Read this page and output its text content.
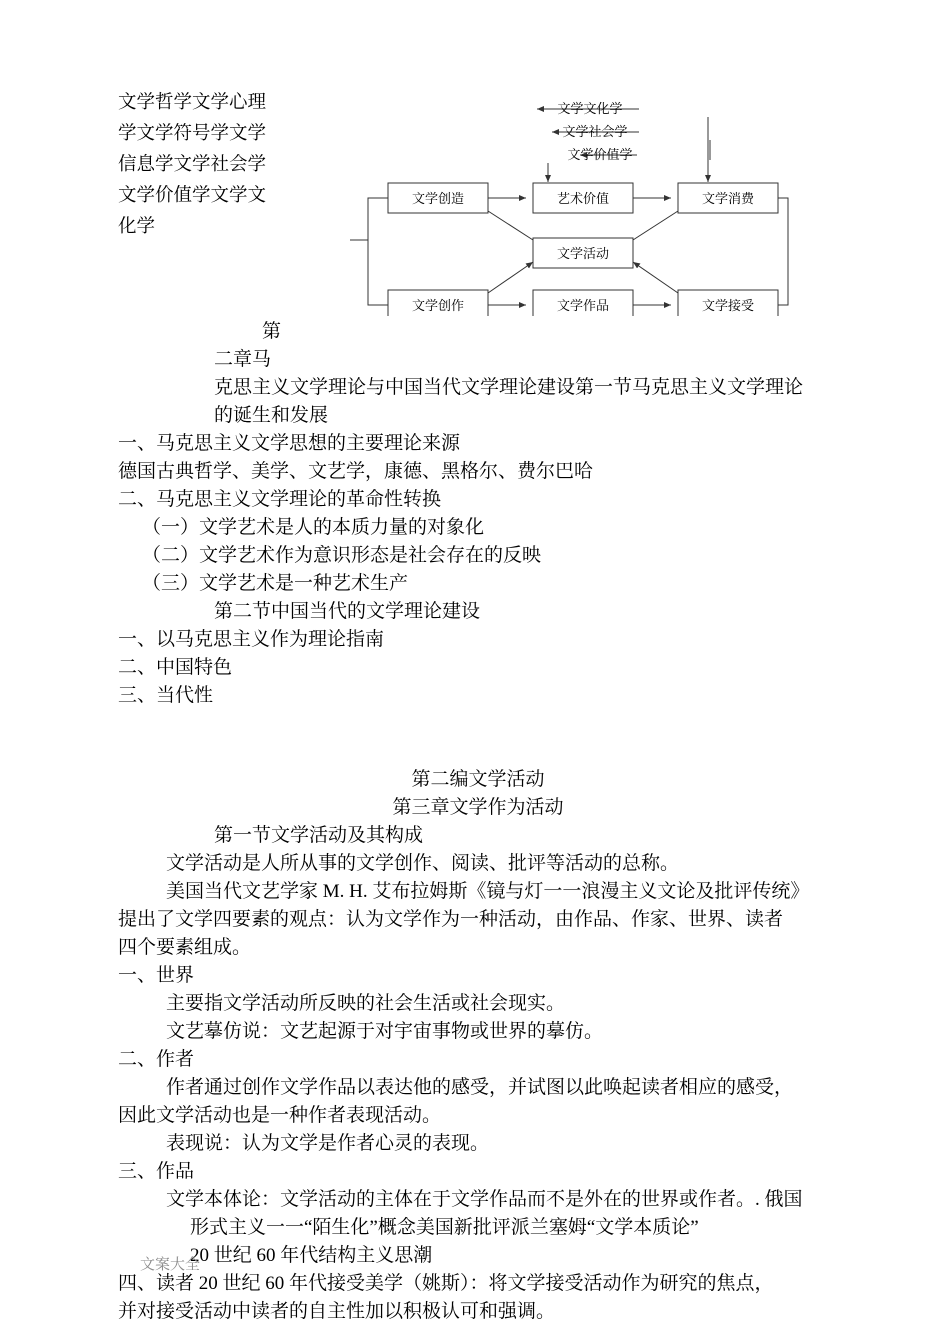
文学哲学文学心理学文学符号学文学信息学文学社会学文学价值学文学文化学
文学文化学
文学社会学
文学价值学
文学创造	艺术价值	文学消费
文学活动
文学创作	文学作品	文学接受

第

二章马

克思主义文学理论与中国当代文学理论建设第一节马克思主义文学理论

的诞生和发展

一、马克思主义文学思想的主要理论来源

德国古典哲学、美学、文艺学，康德、黑格尔、费尔巴哈

二、马克思主义文学理论的革命性转换

（一）文学艺术是人的本质力量的对象化

（二）文学艺术作为意识形态是社会存在的反映

（三）文学艺术是一种艺术生产

第二节中国当代的文学理论建设

一、以马克思主义作为理论指南

二、中国特色

三、当代性

第二编文学活动

第三章文学作为活动

第一节文学活动及其构成

文学活动是人所从事的文学创作、阅读、批评等活动的总称。

美国当代文艺学家 M. H. 艾布拉姆斯《镜与灯一一浪漫主义文论及批评传统》

提出了文学四要素的观点：认为文学作为一种活动，由作品、作家、世界、读者

四个要素组成。

一、世界

主要指文学活动所反映的社会生活或社会现实。

文艺摹仿说：文艺起源于对宇宙事物或世界的摹仿。

二、作者

作者通过创作文学作品以表达他的感受，并试图以此唤起读者相应的感受，

因此文学活动也是一种作者表现活动。

表现说：认为文学是作者心灵的表现。

三、作品

文学本体论：文学活动的主体在于文学作品而不是外在的世界或作者。. 俄国

形式主义一一“陌生化”概念美国新批评派兰塞姆“文学本质论”

20 世纪 60 年代结构主义思潮

四、读者 20 世纪 60 年代接受美学（姚斯）：将文学接受活动作为研究的焦点，

并对接受活动中读者的自主性加以积极认可和强调。

文案大全
